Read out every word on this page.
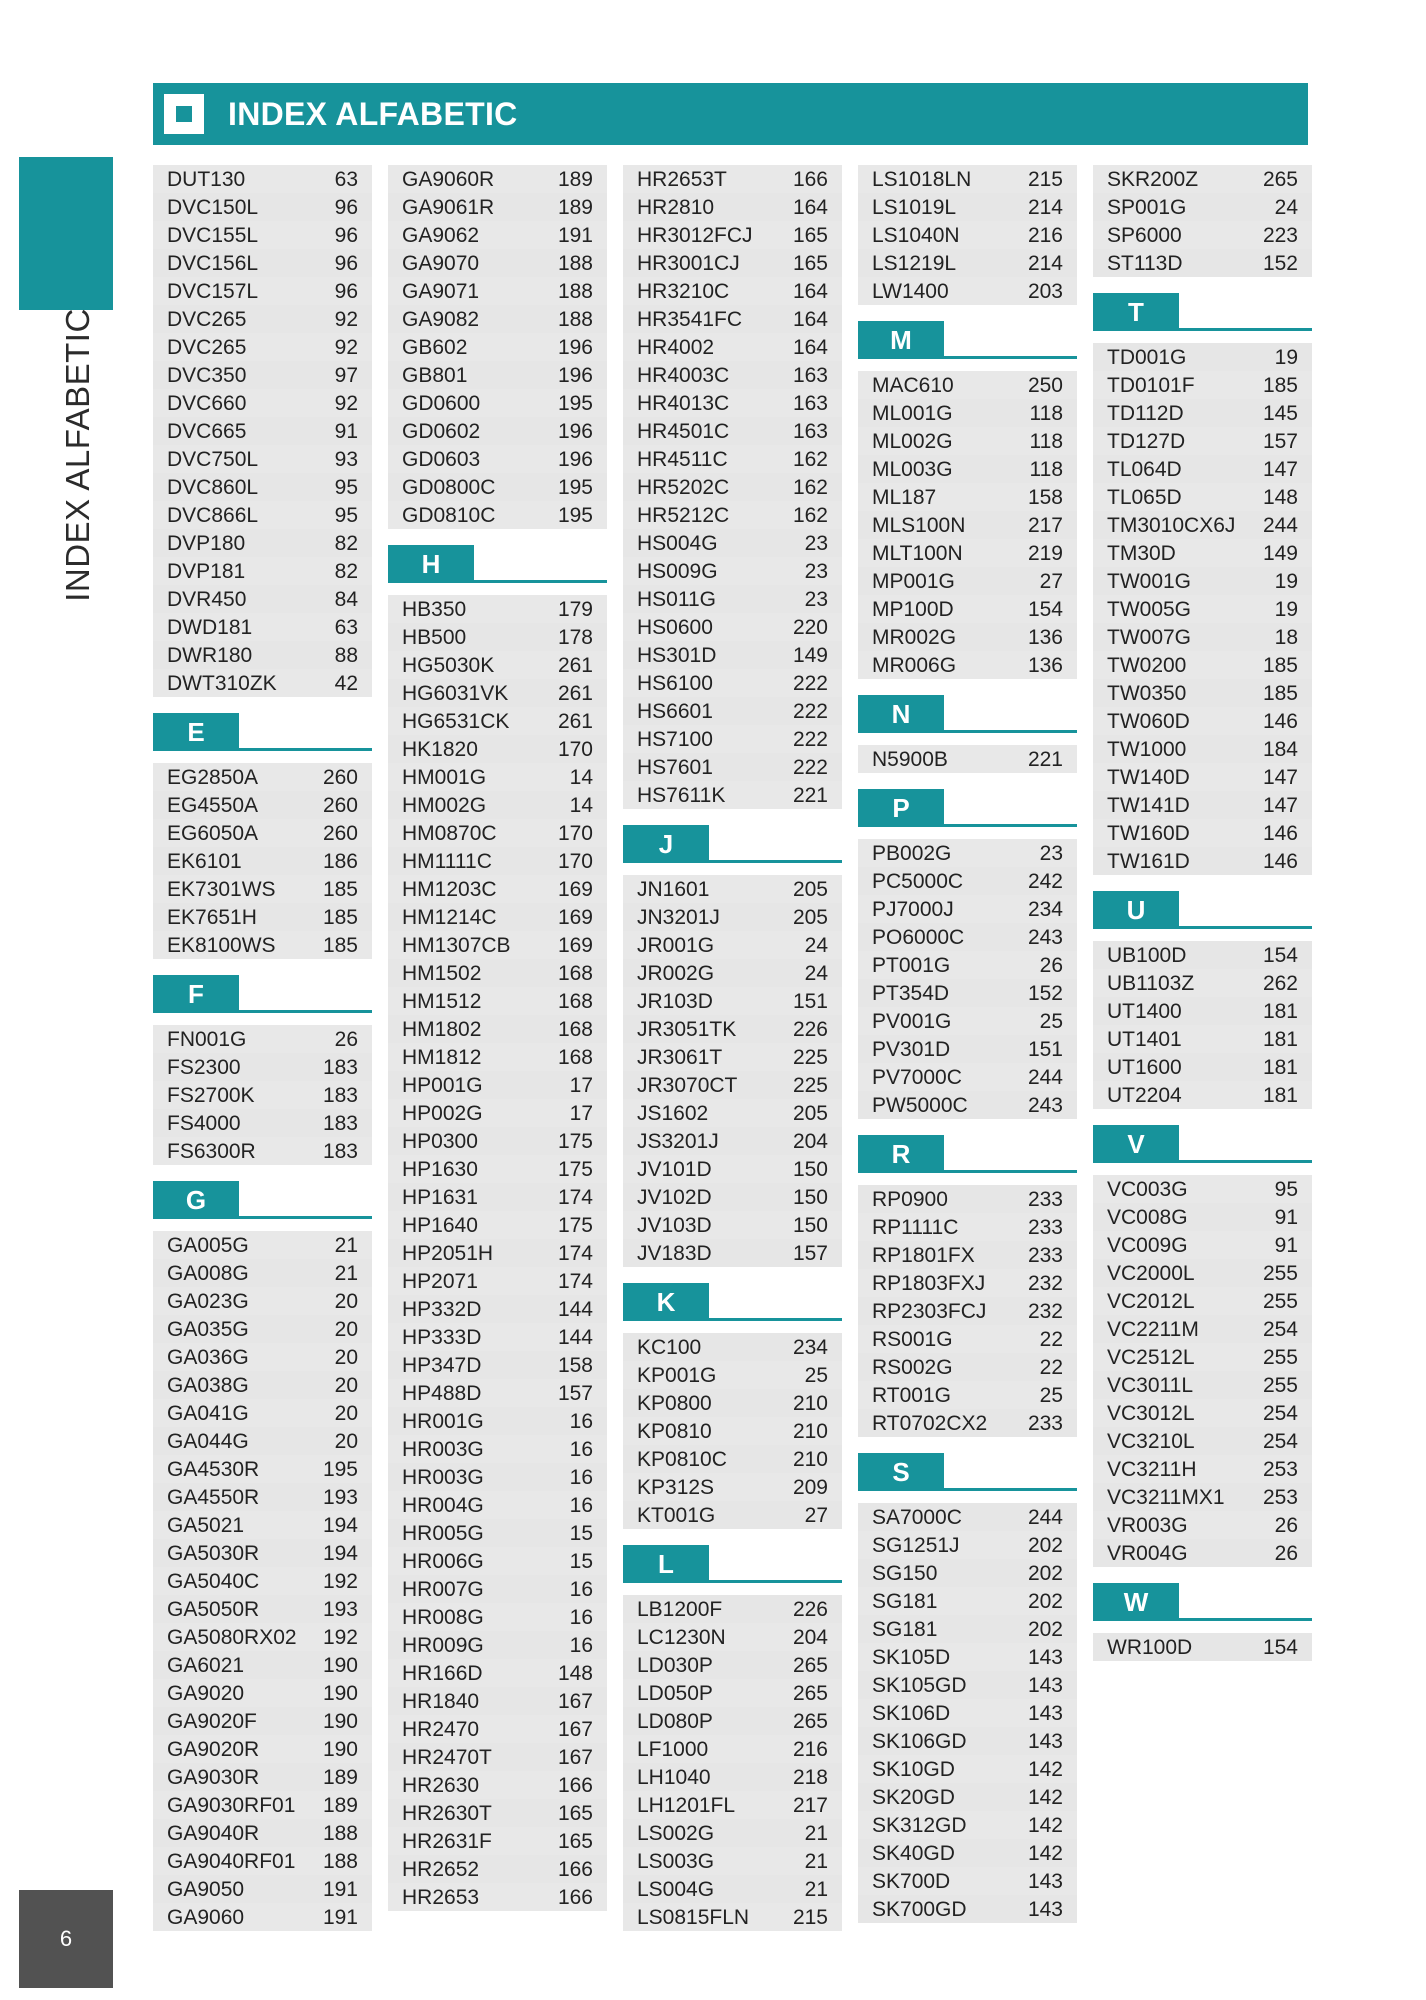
INDEX ALFABETIC
6
INDEX ALFABETIC
DUT130	63
DVC150L	96
DVC155L	96
DVC156L	96
DVC157L	96
DVC265	92
DVC265	92
DVC350	97
DVC660	92
DVC665	91
DVC750L	93
DVC860L	95
DVC866L	95
DVP180	82
DVP181	82
DVR450	84
DWD181	63
DWR180	88
DWT310ZK	42
E
EG2850A	260
EG4550A	260
EG6050A	260
EK6101	186
EK7301WS 185
EK7651H	185
EK8100WS 185
F
FN001G	26
FS2300	183
FS2700K	183
FS4000	183
FS6300R	183
G
GA005G	21
GA008G	21
GA023G	20
GA035G	20
GA036G	20
GA038G	20
GA041G	20
GA044G	20
GA4530R	195
GA4550R	193
GA5021	194
GA5030R	194
GA5040C	192
GA5050R	193
GA5080RX02 192
GA6021	190
GA9020	190
GA9020F	190
GA9020R	190
GA9030R	189
GA9030RF01 189
GA9040R	188
GA9040RF01 188
GA9050	191
GA9060	191
GA9060R	189
GA9061R	189
GA9062	191
GA9070	188
GA9071	188
GA9082	188
GB602	196
GB801	196
GD0600	195
GD0602	196
GD0603	196
GD0800C	195
GD0810C	195
H
HB350	179
HB500	178
HG5030K	261
HG6031VK 261
HG6531CK 261
HK1820	170
HM001G	14
HM002G	14
HM0870C	170
HM1111C	170
HM1203C	169
HM1214C	169
HM1307CB 169
HM1502	168
HM1512	168
HM1802	168
HM1812	168
HP001G	17
HP002G	17
HP0300	175
HP1630	175
HP1631	174
HP1640	175
HP2051H	174
HP2071	174
HP332D	144
HP333D	144
HP347D	158
HP488D	157
HR001G	16
HR003G	16
HR003G	16
HR004G	16
HR005G	15
HR006G	15
HR007G	16
HR008G	16
HR009G	16
HR166D	148
HR1840	167
HR2470	167
HR2470T	167
HR2630	166
HR2630T	165
HR2631F	165
HR2652	166
HR2653	166
HR2653T	166
HR2810	164
HR3012FCJ 165
HR3001CJ	165
HR3210C	164
HR3541FC 164
HR4002	164
HR4003C	163
HR4013C	163
HR4501C	163
HR4511C	162
HR5202C	162
HR5212C	162
HS004G	23
HS009G	23
HS011G	23
HS0600	220
HS301D	149
HS6100	222
HS6601	222
HS7100	222
HS7601	222
HS7611K	221
J
JN1601	205
JN3201J	205
JR001G	24
JR002G	24
JR103D	151
JR3051TK	226
JR3061T	225
JR3070CT	225
JS1602	205
JS3201J	204
JV101D	150
JV102D	150
JV103D	150
JV183D	157
K
KC100	234
KP001G	25
KP0800	210
KP0810	210
KP0810C	210
KP312S	209
KT001G	27
L
LB1200F	226
LC1230N	204
LD030P	265
LD050P	265
LD080P	265
LF1000	216
LH1040	218
LH1201FL	217
LS002G	21
LS003G	21
LS004G	21
LS0815FLN 215
LS1018LN	215
LS1019L	214
LS1040N	216
LS1219L	214
LW1400	203
M
MAC610	250
ML001G	118
ML002G	118
ML003G	118
ML187	158
MLS100N	217
MLT100N	219
MP001G	27
MP100D	154
MR002G	136
MR006G	136
N
N5900B	221
P
PB002G	23
PC5000C	242
PJ7000J	234
PO6000C	243
PT001G	26
PT354D	152
PV001G	25
PV301D	151
PV7000C	244
PW5000C	243
R
RP0900	233
RP1111C	233
RP1801FX	233
RP1803FXJ 232
RP2303FCJ 232
RS001G	22
RS002G	22
RT001G	25
RT0702CX2 233
S
SA7000C	244
SG1251J	202
SG150	202
SG181	202
SG181	202
SK105D	143
SK105GD	143
SK106D	143
SK106GD	143
SK10GD	142
SK20GD	142
SK312GD	142
SK40GD	142
SK700D	143
SK700GD	143
SKR200Z	265
SP001G	24
SP6000	223
ST113D	152
T
TD001G	19
TD0101F	185
TD112D	145
TD127D	157
TL064D	147
TL065D	148
TM3010CX6J 244
TM30D	149
TW001G	19
TW005G	19
TW007G	18
TW0200	185
TW0350	185
TW060D	146
TW1000	184
TW140D	147
TW141D	147
TW160D	146
TW161D	146
U
UB100D	154
UB1103Z	262
UT1400	181
UT1401	181
UT1600	181
UT2204	181
V
VC003G	95
VC008G	91
VC009G	91
VC2000L	255
VC2012L	255
VC2211M	254
VC2512L	255
VC3011L	255
VC3012L	254
VC3210L	254
VC3211H	253
VC3211MX1 253
VR003G	26
VR004G	26
W
WR100D	154
